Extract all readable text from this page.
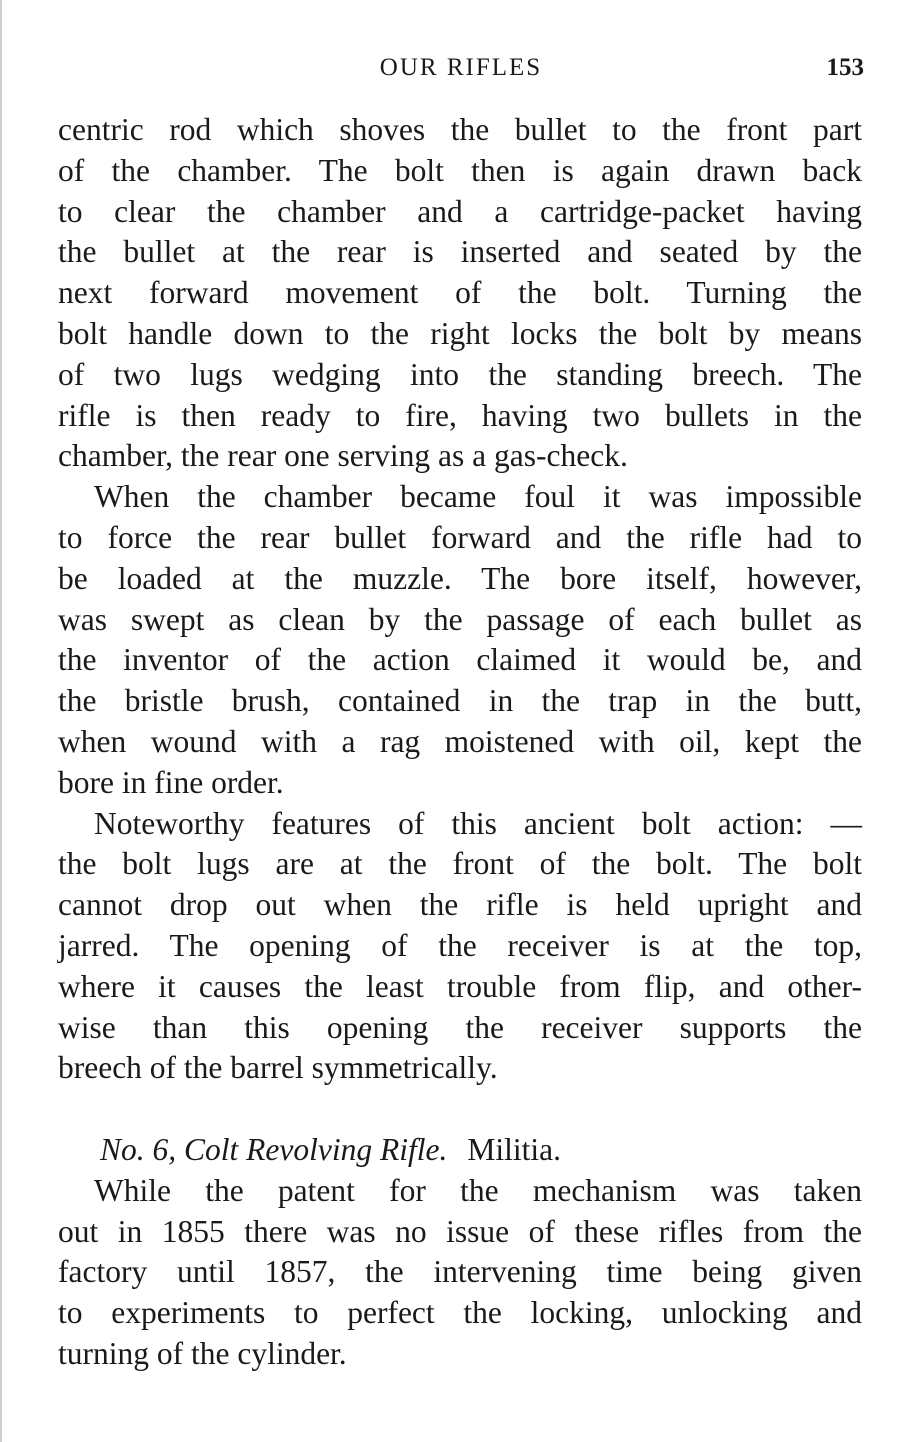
OUR RIFLES	153
centric rod which shoves the bullet to the front part
of the chamber. The bolt then is again drawn back
to clear the chamber and a cartridge-packet having
the bullet at the rear is inserted and seated by the
next forward movement of the bolt. Turning the
bolt handle down to the right locks the bolt by means
of two lugs wedging into the standing breech. The
rifle is then ready to fire, having two bullets in the
chamber, the rear one serving as a gas-check.
When the chamber became foul it was impossible
to force the rear bullet forward and the rifle had to
be loaded at the muzzle. The bore itself, however,
was swept as clean by the passage of each bullet as
the inventor of the action claimed it would be, and
the bristle brush, contained in the trap in the butt,
when wound with a rag moistened with oil, kept the
bore in fine order.
Noteworthy features of this ancient bolt action: —
the bolt lugs are at the front of the bolt. The bolt
cannot drop out when the rifle is held upright and
jarred. The opening of the receiver is at the top,
where it causes the least trouble from flip, and other-
wise than this opening the receiver supports the
breech of the barrel symmetrically.
No. 6, Colt Revolving Rifle. Militia.
While the patent for the mechanism was taken
out in 1855 there was no issue of these rifles from the
factory until 1857, the intervening time being given
to experiments to perfect the locking, unlocking and
turning of the cylinder.
